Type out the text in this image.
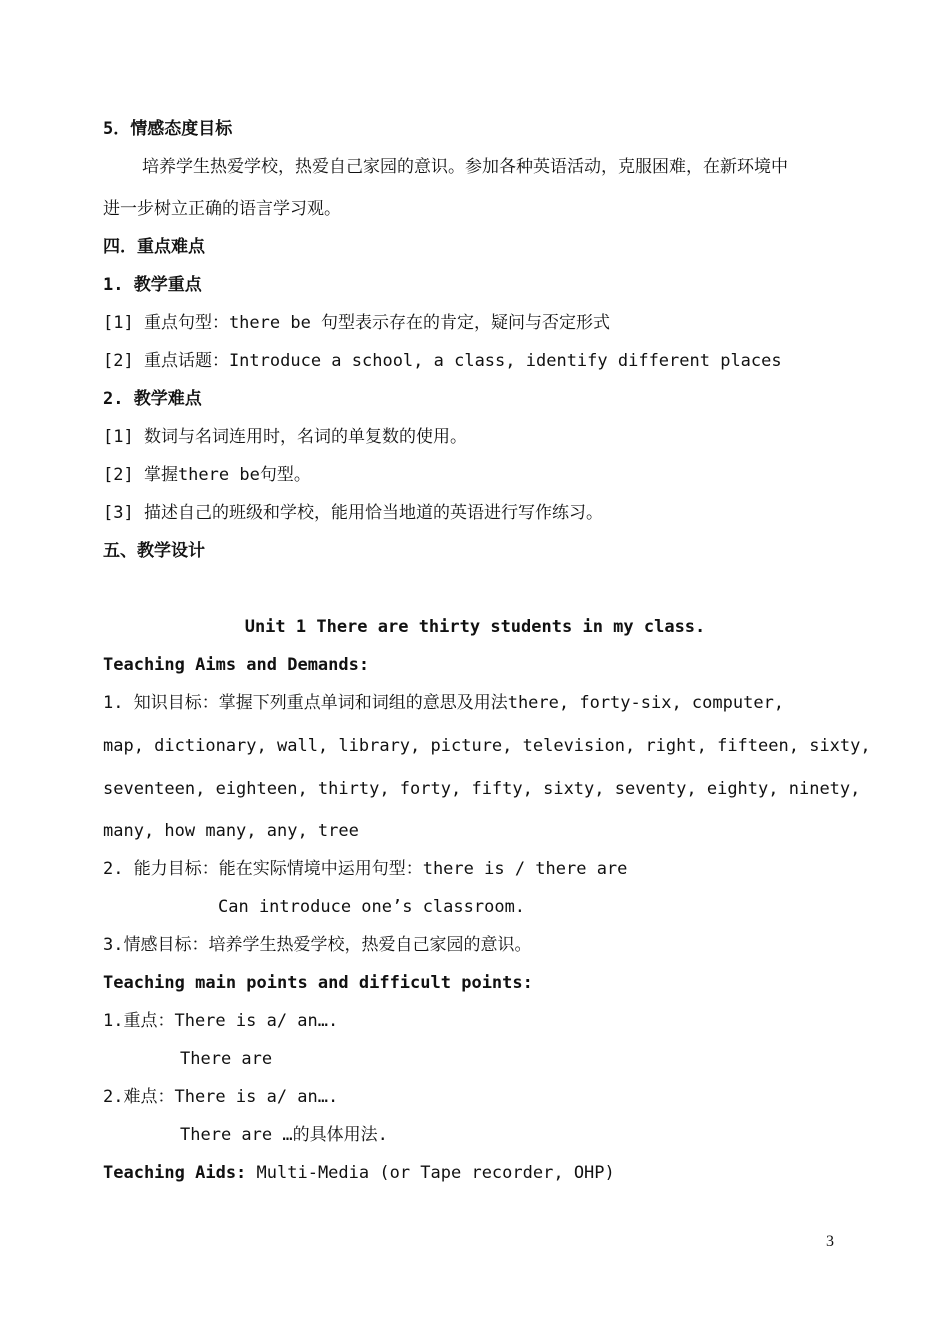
5．情感态度目标
培养学生热爱学校，热爱自己家园的意识。参加各种英语活动，克服困难，在新环境中
进一步树立正确的语言学习观。
四．重点难点
1. 教学重点
[1] 重点句型：there be 句型表示存在的肯定，疑问与否定形式
[2] 重点话题：Introduce a school, a class, identify different places
2. 教学难点
[1] 数词与名词连用时，名词的单复数的使用。
[2] 掌握there be句型。
[3] 描述自己的班级和学校，能用恰当地道的英语进行写作练习。
五、教学设计
Unit 1 There are thirty students in my class.
Teaching Aims and Demands:
1. 知识目标：掌握下列重点单词和词组的意思及用法there, forty-six, computer,
map, dictionary, wall, library, picture, television, right, fifteen, sixty,
seventeen, eighteen, thirty, forty, fifty, sixty, seventy, eighty, ninety,
many, how many, any, tree
2. 能力目标：能在实际情境中运用句型：there is / there are
Can introduce one’s classroom.
3.情感目标：培养学生热爱学校，热爱自己家园的意识。
Teaching main points and difficult points:
1.重点：There is a/ an….
There are
2.难点：There is a/ an….
There are …的具体用法.
Teaching Aids: Multi-Media (or Tape recorder, OHP)
3
